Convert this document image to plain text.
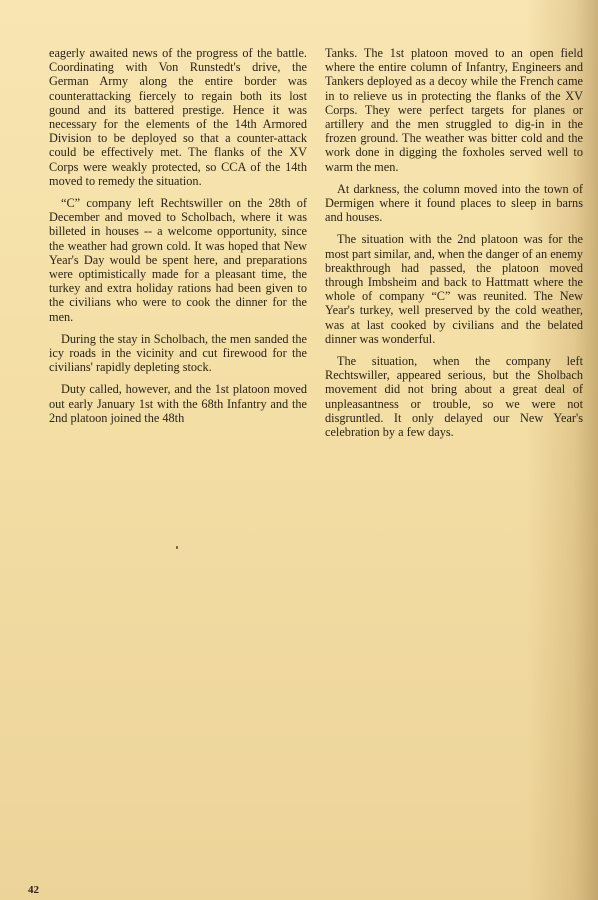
eagerly awaited news of the progress of the battle. Coordinating with Von Runstedt's drive, the German Army along the entire border was counterattacking fiercely to regain both its lost gound and its battered prestige. Hence it was necessary for the elements of the 14th Armored Division to be deployed so that a counter-attack could be effectively met. The flanks of the XV Corps were weakly protected, so CCA of the 14th moved to remedy the situation.

“C” company left Rechtswiller on the 28th of December and moved to Scholbach, where it was billeted in houses -- a welcome opportunity, since the weather had grown cold. It was hoped that New Year's Day would be spent here, and preparations were optimistically made for a pleasant time, the turkey and extra holiday rations had been given to the civilians who were to cook the dinner for the men.

During the stay in Scholbach, the men sanded the icy roads in the vicinity and cut firewood for the civilians' rapidly depleting stock.

Duty called, however, and the 1st platoon moved out early January 1st with the 68th Infantry and the 2nd platoon joined the 48th

Tanks. The 1st platoon moved to an open field where the entire column of Infantry, Engineers and Tankers deployed as a decoy while the French came in to relieve us in protecting the flanks of the XV Corps. They were perfect targets for planes or artillery and the men struggled to dig-in in the frozen ground. The weather was bitter cold and the work done in digging the foxholes served well to warm the men.

At darkness, the column moved into the town of Dermigen where it found places to sleep in barns and houses.

The situation with the 2nd platoon was for the most part similar, and, when the danger of an enemy breakthrough had passed, the platoon moved through Imbsheim and back to Hattmatt where the whole of company “C” was reunited. The New Year's turkey, well preserved by the cold weather, was at last cooked by civilians and the belated dinner was wonderful.

The situation, when the company left Rechtswiller, appeared serious, but the Sholbach movement did not bring about a great deal of unpleasantness or trouble, so we were not disgruntled. It only delayed our New Year's celebration by a few days.

42
